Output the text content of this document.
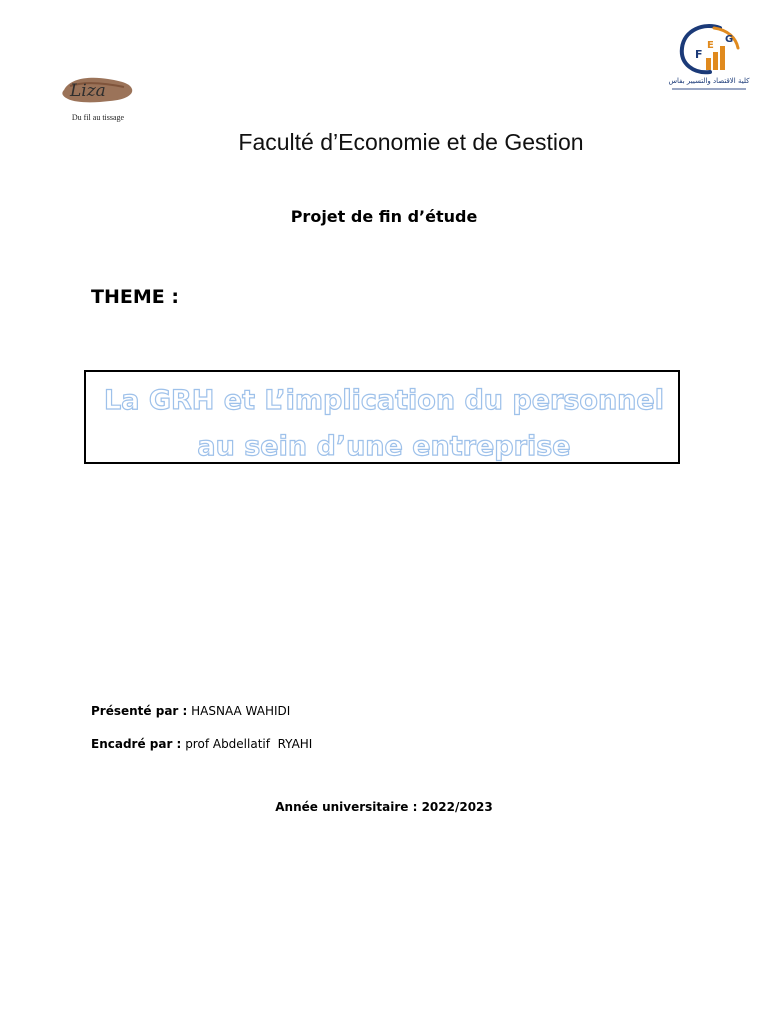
Liza
Du fil au tissage
F
E
G
كلية الاقتصاد والتسيير بفاس
Faculté d’Economie et de Gestion
Projet de fin d’étude
THEME :
La GRH et L’implication du personnel
au sein d’une entreprise
Présenté par : HASNAA WAHIDI
Encadré par : prof Abdellatif  RYAHI
Année universitaire : 2022/2023
